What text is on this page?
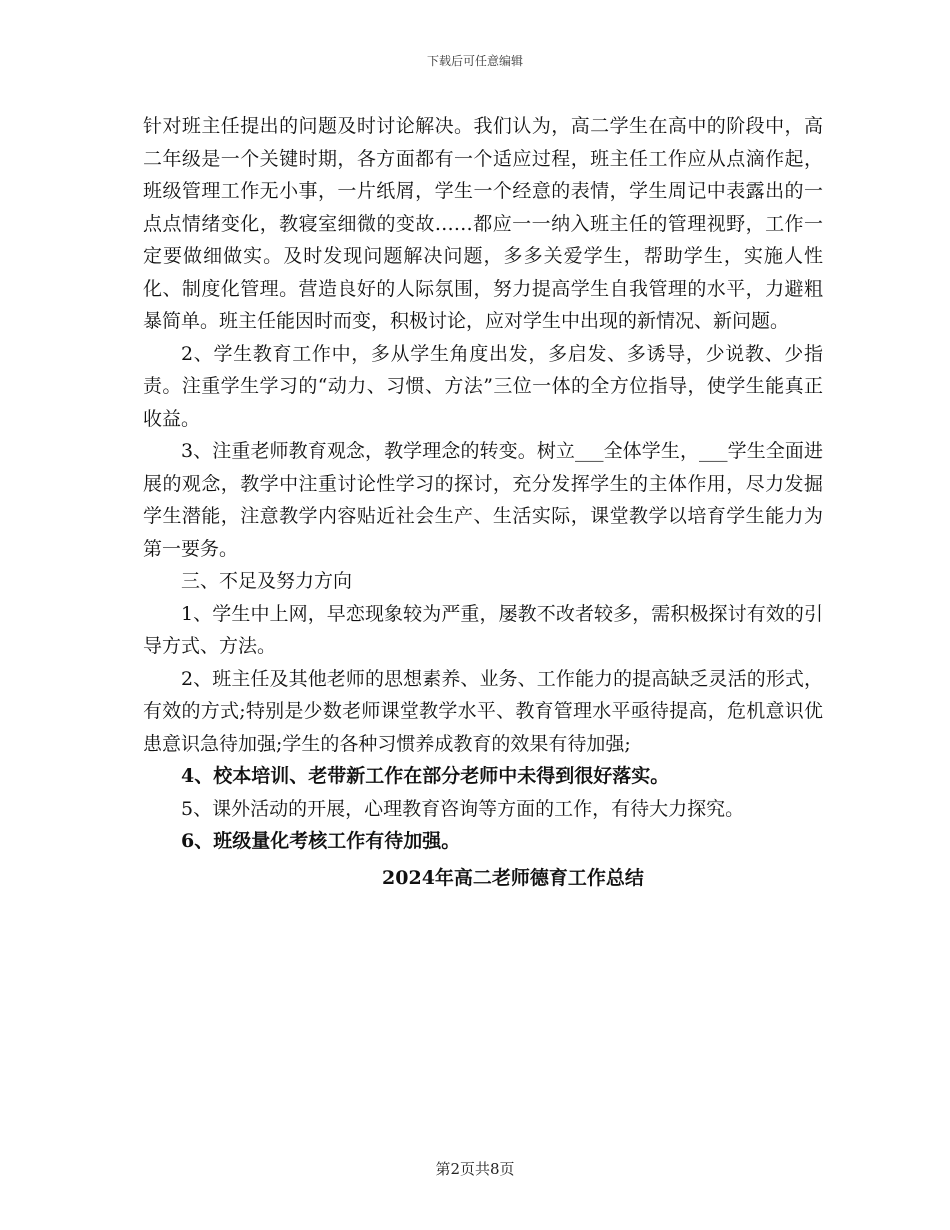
下载后可任意编辑

针对班主任提出的问题及时讨论解决。我们认为，高二学生在高中的阶段中，高二年级是一个关键时期，各方面都有一个适应过程，班主任工作应从点滴作起，班级管理工作无小事，一片纸屑，学生一个经意的表情，学生周记中表露出的一点点情绪变化，教寝室细微的变故……都应一一纳入班主任的管理视野，工作一定要做细做实。及时发现问题解决问题，多多关爱学生，帮助学生，实施人性化、制度化管理。营造良好的人际氛围，努力提高学生自我管理的水平，力避粗暴简单。班主任能因时而变，积极讨论，应对学生中出现的新情况、新问题。

2、学生教育工作中，多从学生角度出发，多启发、多诱导，少说教、少指责。注重学生学习的“动力、习惯、方法”三位一体的全方位指导，使学生能真正收益。

3、注重老师教育观念，教学理念的转变。树立___全体学生，___学生全面进展的观念，教学中注重讨论性学习的探讨，充分发挥学生的主体作用，尽力发掘学生潜能，注意教学内容贴近社会生产、生活实际，课堂教学以培育学生能力为第一要务。

三、不足及努力方向

1、学生中上网，早恋现象较为严重，屡教不改者较多，需积极探讨有效的引导方式、方法。

2、班主任及其他老师的思想素养、业务、工作能力的提高缺乏灵活的形式，有效的方式;特别是少数老师课堂教学水平、教育管理水平亟待提高，危机意识优患意识急待加强;学生的各种习惯养成教育的效果有待加强;

4、校本培训、老带新工作在部分老师中未得到很好落实。

5、课外活动的开展，心理教育咨询等方面的工作，有待大力探究。

6、班级量化考核工作有待加强。

2024年高二老师德育工作总结

第2页共8页
